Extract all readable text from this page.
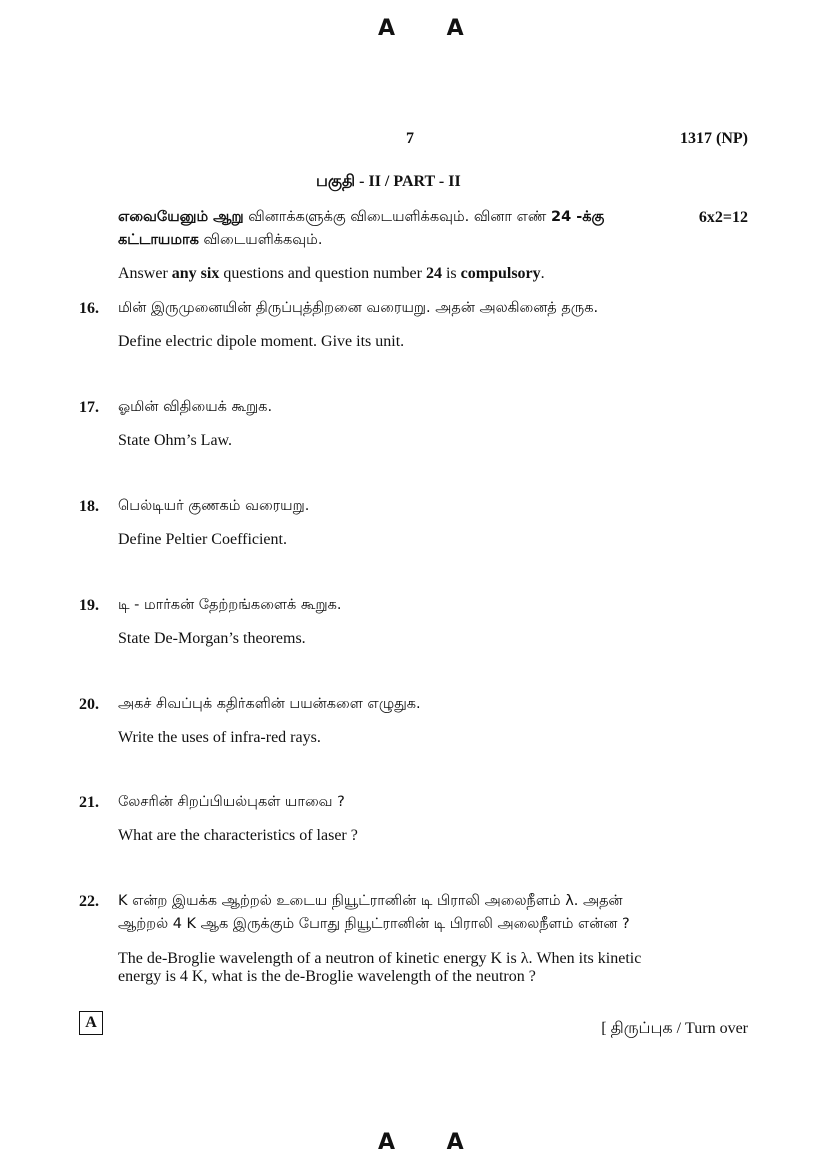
A A
7	1317 (NP)
பகுதி - II / PART - II
எவையேனும் ஆறு வினாக்களுக்கு விடையளிக்கவும். வினா எண் 24 -க்கு	6x2=12
கட்டாயமாக விடையளிக்கவும்.
Answer any six questions and question number 24 is compulsory.
16.	மின் இருமுனையின் திருப்புத்திறனை வரையறு. அதன் அலகினைத் தருக.
Define electric dipole moment. Give its unit.
17.	ஓமின் விதியைக் கூறுக.
State Ohm’s Law.
18.	பெல்டியர் குணகம் வரையறு.
Define Peltier Coefficient.
19.	டி - மார்கன் தேற்றங்களைக் கூறுக.
State De-Morgan’s theorems.
20.	அகச் சிவப்புக் கதிர்களின் பயன்களை எழுதுக.
Write the uses of infra-red rays.
21.	லேசரின் சிறப்பியல்புகள் யாவை ?
What are the characteristics of laser ?
22.	K என்ற இயக்க ஆற்றல் உடைய நியூட்ரானின் டி பிராலி அலைநீளம் λ. அதன்
ஆற்றல் 4 K ஆக இருக்கும் போது நியூட்ரானின் டி பிராலி அலைநீளம் என்ன ?
The de-Broglie wavelength of a neutron of kinetic energy K is λ. When its kinetic
energy is 4 K, what is the de-Broglie wavelength of the neutron ?
A	[ திருப்புக / Turn over
A A
